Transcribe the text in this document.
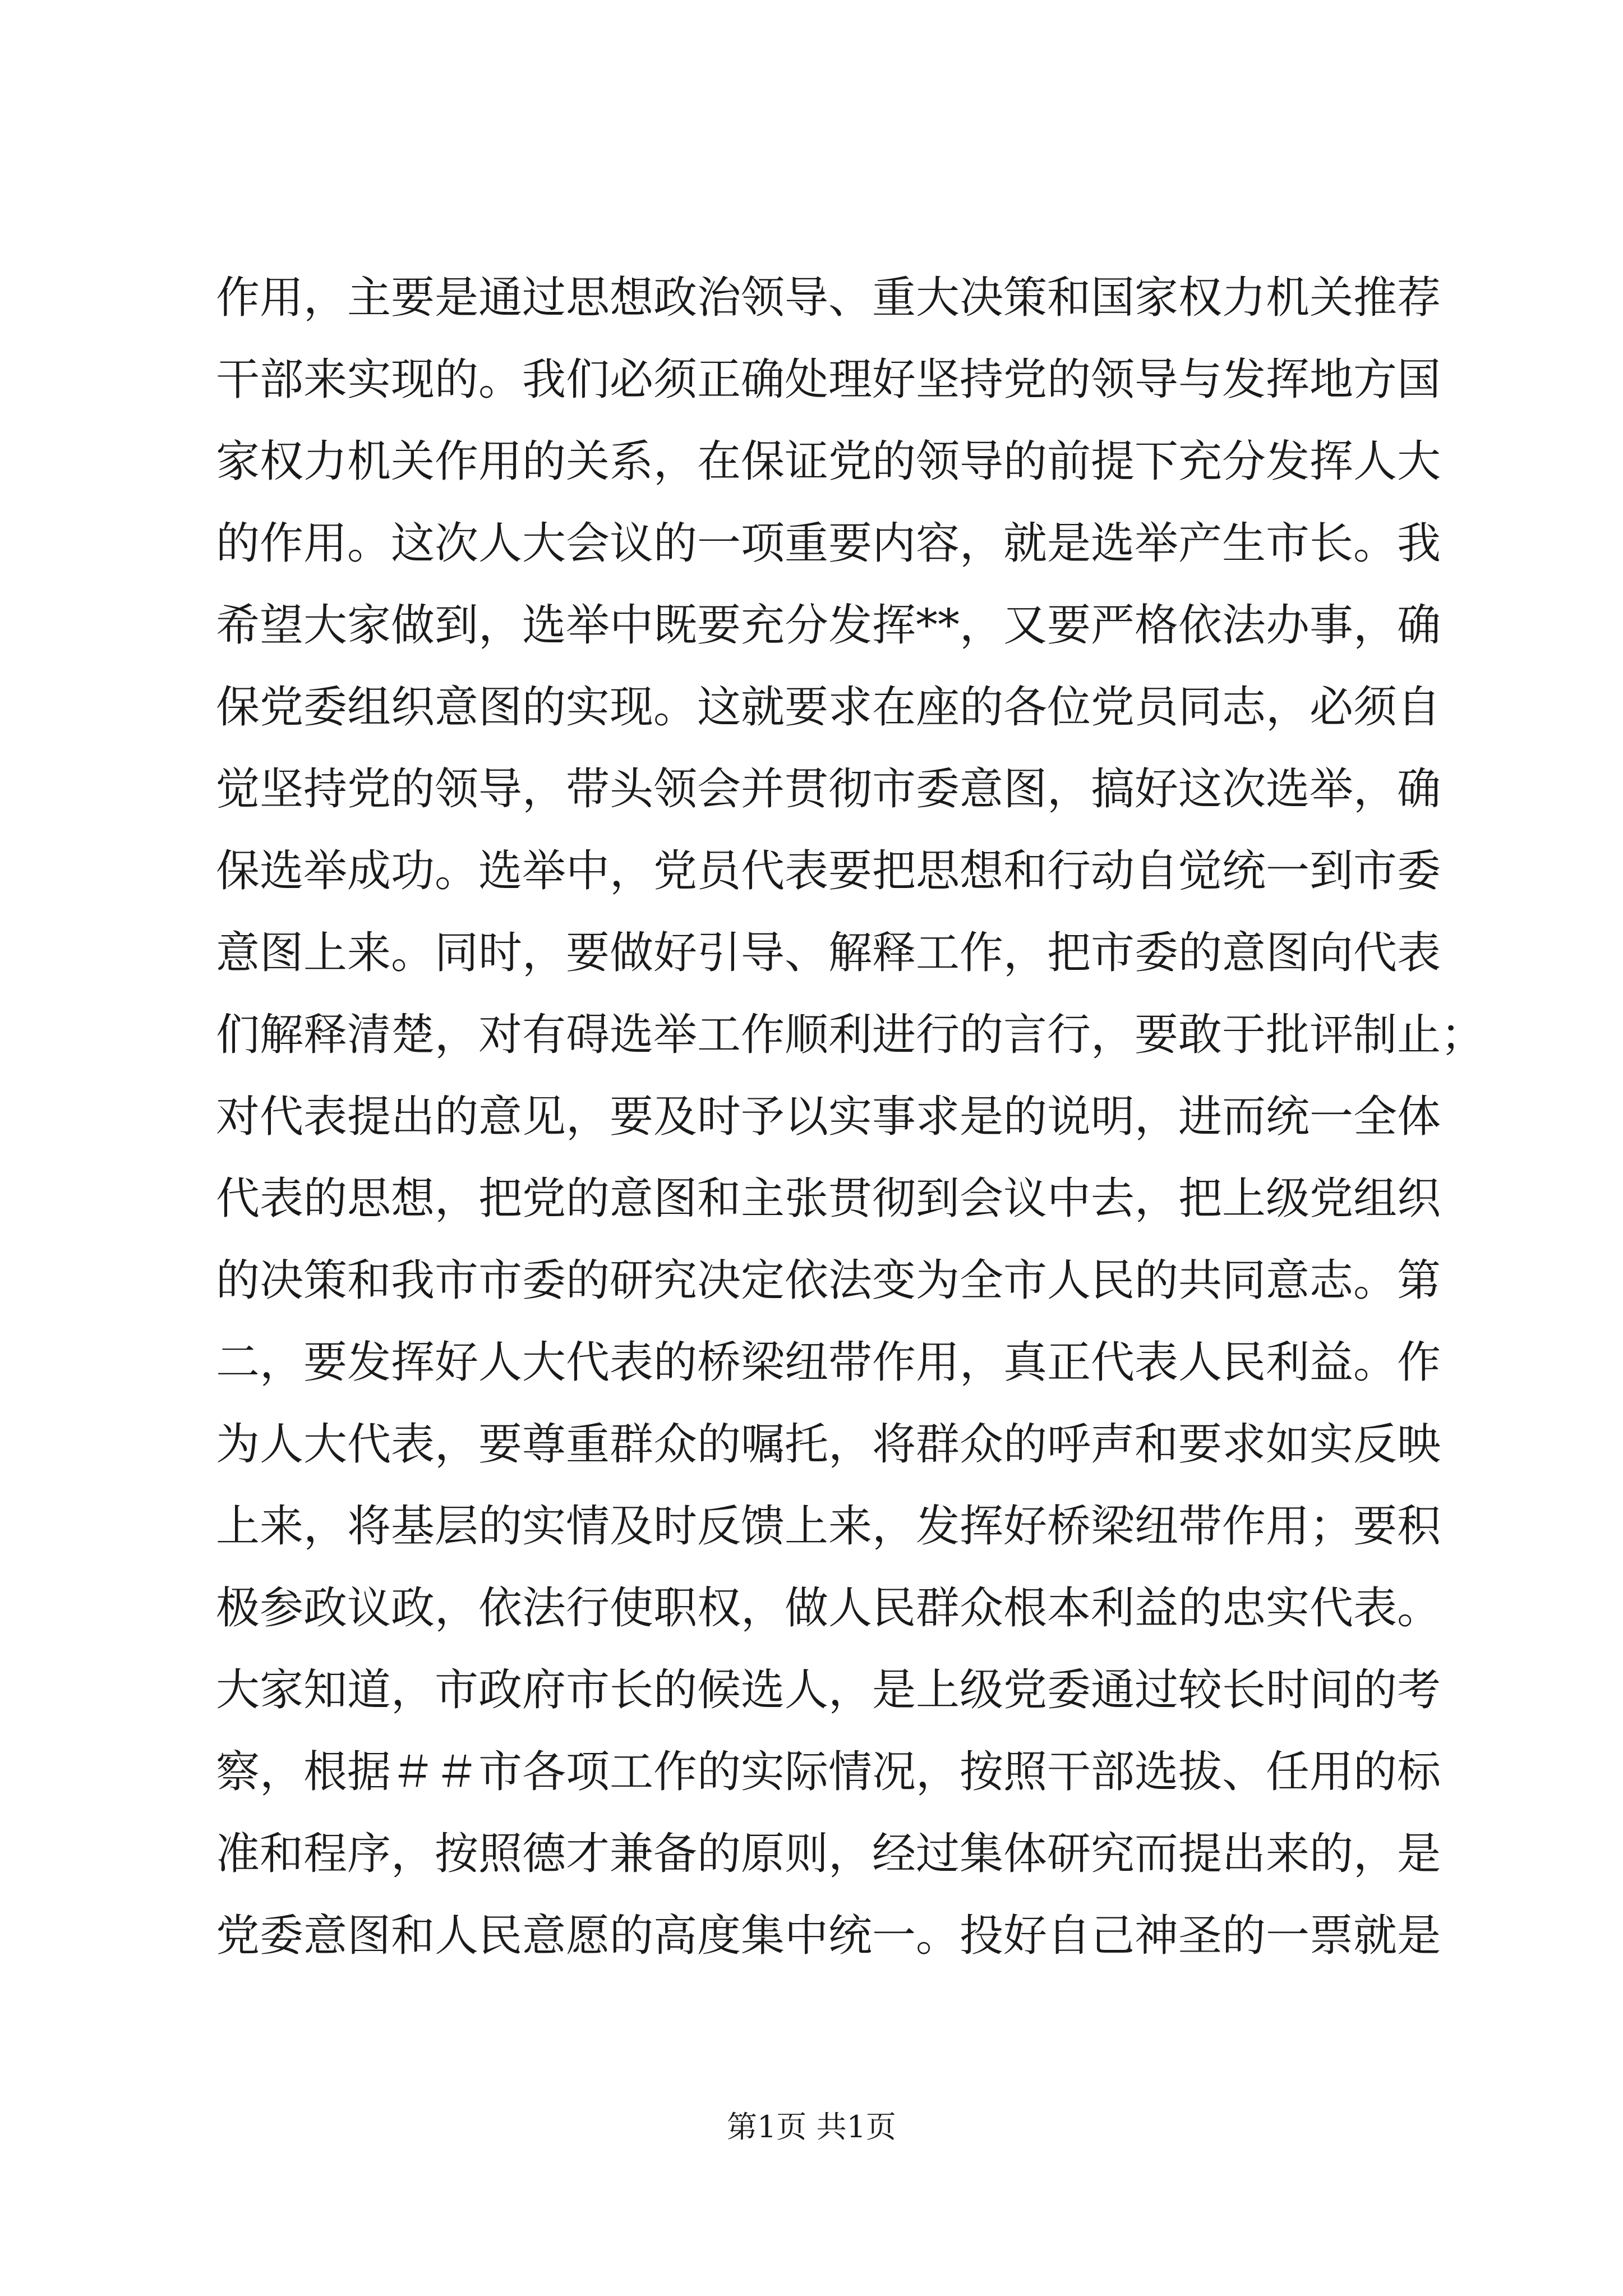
作用，主要是通过思想政治领导、重大决策和国家权力机关推荐
干部来实现的。我们必须正确处理好坚持党的领导与发挥地方国
家权力机关作用的关系，在保证党的领导的前提下充分发挥人大
的作用。这次人大会议的一项重要内容，就是选举产生市长。我
希望大家做到，选举中既要充分发挥**，又要严格依法办事，确
保党委组织意图的实现。这就要求在座的各位党员同志，必须自
觉坚持党的领导，带头领会并贯彻市委意图，搞好这次选举，确
保选举成功。选举中，党员代表要把思想和行动自觉统一到市委
意图上来。同时，要做好引导、解释工作，把市委的意图向代表
们解释清楚，对有碍选举工作顺利进行的言行，要敢于批评制止；
对代表提出的意见，要及时予以实事求是的说明，进而统一全体
代表的思想，把党的意图和主张贯彻到会议中去，把上级党组织
的决策和我市市委的研究决定依法变为全市人民的共同意志。第
二，要发挥好人大代表的桥梁纽带作用，真正代表人民利益。作
为人大代表，要尊重群众的嘱托，将群众的呼声和要求如实反映
上来，将基层的实情及时反馈上来，发挥好桥梁纽带作用；要积
极参政议政，依法行使职权，做人民群众根本利益的忠实代表。
大家知道，市政府市长的候选人，是上级党委通过较长时间的考
察，根据＃＃市各项工作的实际情况，按照干部选拔、任用的标
准和程序，按照德才兼备的原则，经过集体研究而提出来的，是
党委意图和人民意愿的高度集中统一。投好自己神圣的一票就是
第1页 共1页
